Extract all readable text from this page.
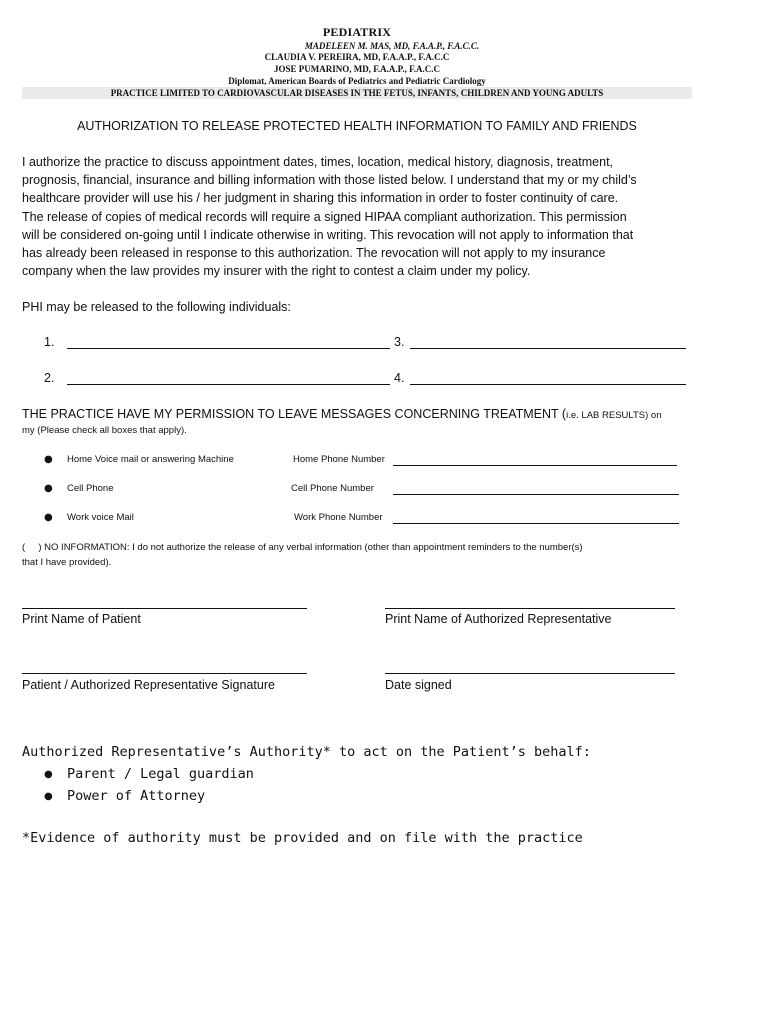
PEDIATRIX
MADELEEN M. MAS, MD, F.A.A.P., F.A.C.C.
CLAUDIA V. PEREIRA, MD, F.A.A.P., F.A.C.C
JOSE PUMARINO, MD, F.A.A.P., F.A.C.C
Diplomat, American Boards of Pediatrics and Pediatric Cardiology
PRACTICE LIMITED TO CARDIOVASCULAR DISEASES IN THE FETUS, INFANTS, CHILDREN AND YOUNG ADULTS
AUTHORIZATION TO RELEASE PROTECTED HEALTH INFORMATION TO FAMILY AND FRIENDS
I authorize the practice to discuss appointment dates, times, location, medical history, diagnosis, treatment,
prognosis, financial, insurance and billing information with those listed below. I understand that my or my child’s
healthcare provider will use his / her judgment in sharing this information in order to foster continuity of care.
The release of copies of medical records will require a signed HIPAA compliant authorization. This permission
will be considered on-going until I indicate otherwise in writing. This revocation will not apply to information that
has already been released in response to this authorization. The revocation will not apply to my insurance
company when the law provides my insurer with the right to contest a claim under my policy.
PHI may be released to the following individuals:
1.	3.
2.	4.
THE PRACTICE HAVE MY PERMISSION TO LEAVE MESSAGES CONCERNING TREATMENT (i.e. LAB RESULTS) on
my (Please check all boxes that apply).
● Home Voice mail or answering Machine	Home Phone Number
● Cell Phone	Cell Phone Number
● Work voice Mail	Work Phone Number
(     ) NO INFORMATION: I do not authorize the release of any verbal information (other than appointment reminders to the number(s)
that I have provided).
Print Name of Patient	Print Name of Authorized Representative
Patient / Authorized Representative Signature	Date signed
Authorized Representative’s Authority* to act on the Patient’s behalf:
● Parent / Legal guardian
● Power of Attorney
*Evidence of authority must be provided and on file with the practice
